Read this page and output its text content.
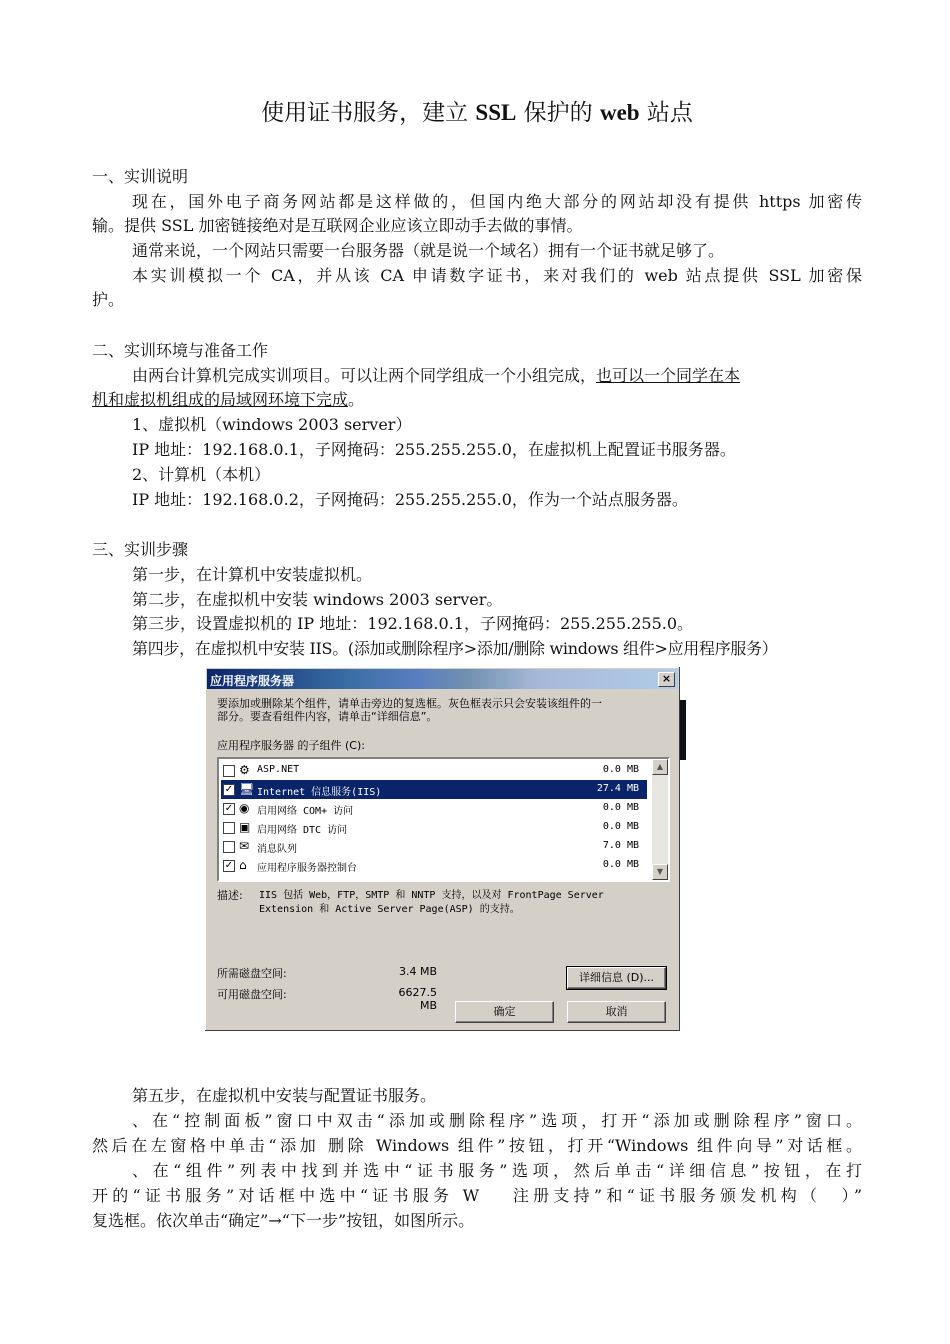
使用证书服务，建立 SSL 保护的 web 站点
一、实训说明
现在，国外电子商务网站都是这样做的，但国内绝大部分的网站却没有提供 https 加密传
输。提供 SSL 加密链接绝对是互联网企业应该立即动手去做的事情。
通常来说，一个网站只需要一台服务器（就是说一个域名）拥有一个证书就足够了。
本实训模拟一个 CA，并从该 CA 申请数字证书，来对我们的 web 站点提供 SSL 加密保
护。
二、实训环境与准备工作
由两台计算机完成实训项目。可以让两个同学组成一个小组完成，也可以一个同学在本
机和虚拟机组成的局域网环境下完成。
1、虚拟机（windows 2003 server）
IP 地址：192.168.0.1，子网掩码：255.255.255.0，在虚拟机上配置证书服务器。
2、计算机（本机）
IP 地址：192.168.0.2，子网掩码：255.255.255.0，作为一个站点服务器。
三、实训步骤
第一步，在计算机中安装虚拟机。
第二步，在虚拟机中安装 windows 2003 server。
第三步，设置虚拟机的 IP 地址：192.168.0.1，子网掩码：255.255.255.0。
第四步，在虚拟机中安装 IIS。(添加或删除程序>添加/删除 windows 组件>应用程序服务）
第五步，在虚拟机中安装与配置证书服务。
、在“控制面板”窗口中双击“添加或删除程序”选项，打开“添加或删除程序”窗口。
然后在左窗格中单击“添加 删除 Windows 组件”按钮，打开“Windows 组件向导”对话框。
、在“组件”列表中找到并选中“证书服务”选项，然后单击“详细信息”按钮，在打
开的“证书服务”对话框中选中“证书服务 W　 注册支持”和“证书服务颁发机构（　）”
复选框。依次单击“确定”→“下一步”按钮，如图所示。
应用程序服务器	×
要添加或删除某个组件，请单击旁边的复选框。灰色框表示只会安装该组件的一
部分。要查看组件内容，请单击“详细信息”。
应用程序服务器 的子组件 (C):
⚙ ASP.NET	0.0 MB
✓ 🖥 Internet 信息服务(IIS)	27.4 MB
✓ ◉ 启用网络 COM+ 访问	0.0 MB
▣ 启用网络 DTC 访问	0.0 MB
✉ 消息队列	7.0 MB
✓ ⌂	应用程序服务器控制台	0.0 MB
▲
▼
描述: IIS 包括 Web，FTP，SMTP 和 NNTP 支持，以及对 FrontPage Server
Extension 和 Active Server Page(ASP) 的支持。
所需磁盘空间:	3.4 MB
可用磁盘空间:	6627.5 MB
详细信息 (D)...
确定	取消
